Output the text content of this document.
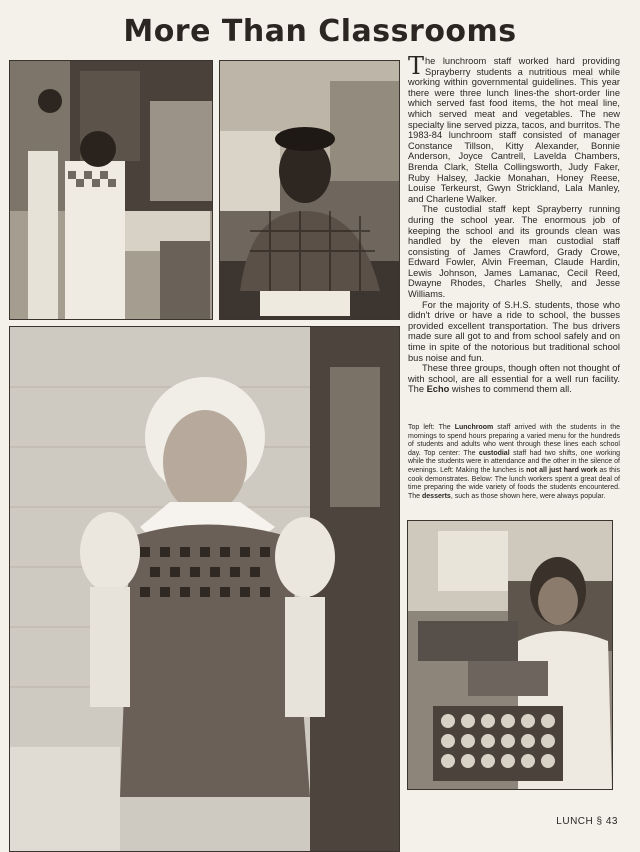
More Than Classrooms

The lunchroom staff worked hard providing Sprayberry students a nutritious meal while working within governmental guidelines. This year there were three lunch lines-the short-order line which served fast food items, the hot meal line, which served meat and vegetables. The new specialty line served pizza, tacos, and burritos. The 1983-84 lunchroom staff consisted of manager Constance Tillson, Kitty Alexander, Bonnie Anderson, Joyce Cantrell, Lavelda Chambers, Brenda Clark, Stella Collingsworth, Judy Faker, Ruby Halsey, Jackie Monahan, Honey Reese, Louise Terkeurst, Gwyn Strickland, Lala Manley, and Charlene Walker.

The custodial staff kept Sprayberry running during the school year. The enormous job of keeping the school and its grounds clean was handled by the eleven man custodial staff consisting of James Crawford, Grady Crowe, Edward Fowler, Alvin Freeman, Claude Hardin, Lewis Johnson, James Lamanac, Cecil Reed, Dwayne Rhodes, Charles Shelly, and Jesse Williams.

For the majority of S.H.S. students, those who didn't drive or have a ride to school, the busses provided excellent transportation. The bus drivers made sure all got to and from school safely and on time in spite of the notorious but traditional school bus noise and fun.

These three groups, though often not thought of with school, are all essential for a well run facility. The Echo wishes to commend them all.

Top left: The Lunchroom staff arrived with the students in the mornings to spend hours preparing a varied menu for the hundreds of students and adults who went through these lines each school day. Top center: The custodial staff had two shifts, one working while the students were in attendance and the other in the silence of evenings. Left: Making the lunches is not all just hard work as this cook demonstrates. Below: The lunch workers spent a great deal of time preparing the wide variety of foods the students encountered. The desserts, such as those shown here, were always popular.
LUNCH § 43
